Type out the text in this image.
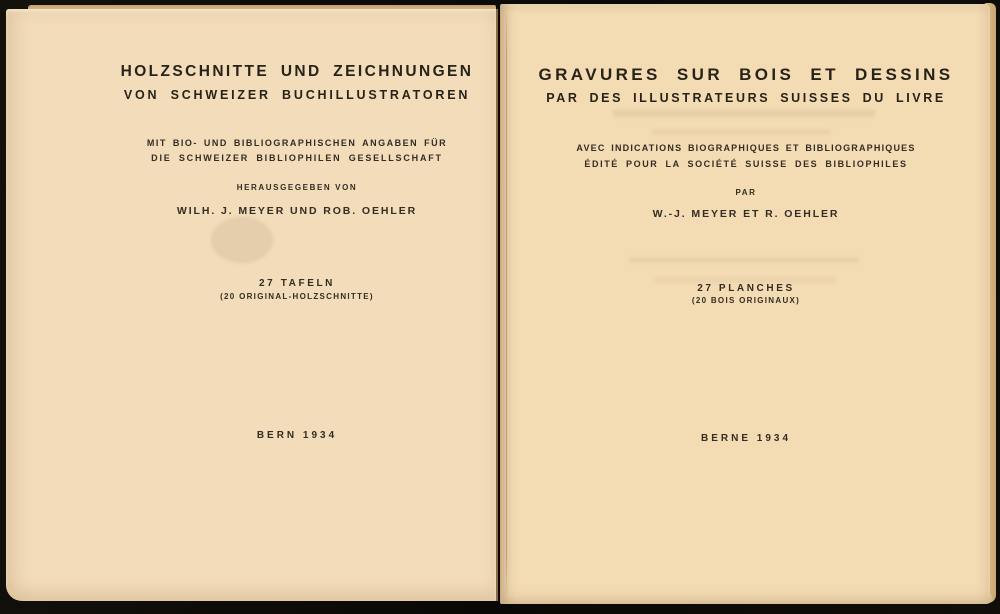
HOLZSCHNITTE UND ZEICHNUNGEN
VON SCHWEIZER BUCHILLUSTRATOREN
MIT BIO- UND BIBLIOGRAPHISCHEN ANGABEN FÜR
DIE SCHWEIZER BIBLIOPHILEN GESELLSCHAFT
HERAUSGEGEBEN VON
WILH. J. MEYER UND ROB. OEHLER
27 TAFELN
(20 ORIGINAL-HOLZSCHNITTE)
BERN 1934
GRAVURES SUR BOIS ET DESSINS
PAR DES ILLUSTRATEURS SUISSES DU LIVRE
AVEC INDICATIONS BIOGRAPHIQUES ET BIBLIOGRAPHIQUES
ÉDITÉ POUR LA SOCIÉTÉ SUISSE DES BIBLIOPHILES
PAR
W.-J. MEYER ET R. OEHLER
27 PLANCHES
(20 BOIS ORIGINAUX)
BERNE 1934
